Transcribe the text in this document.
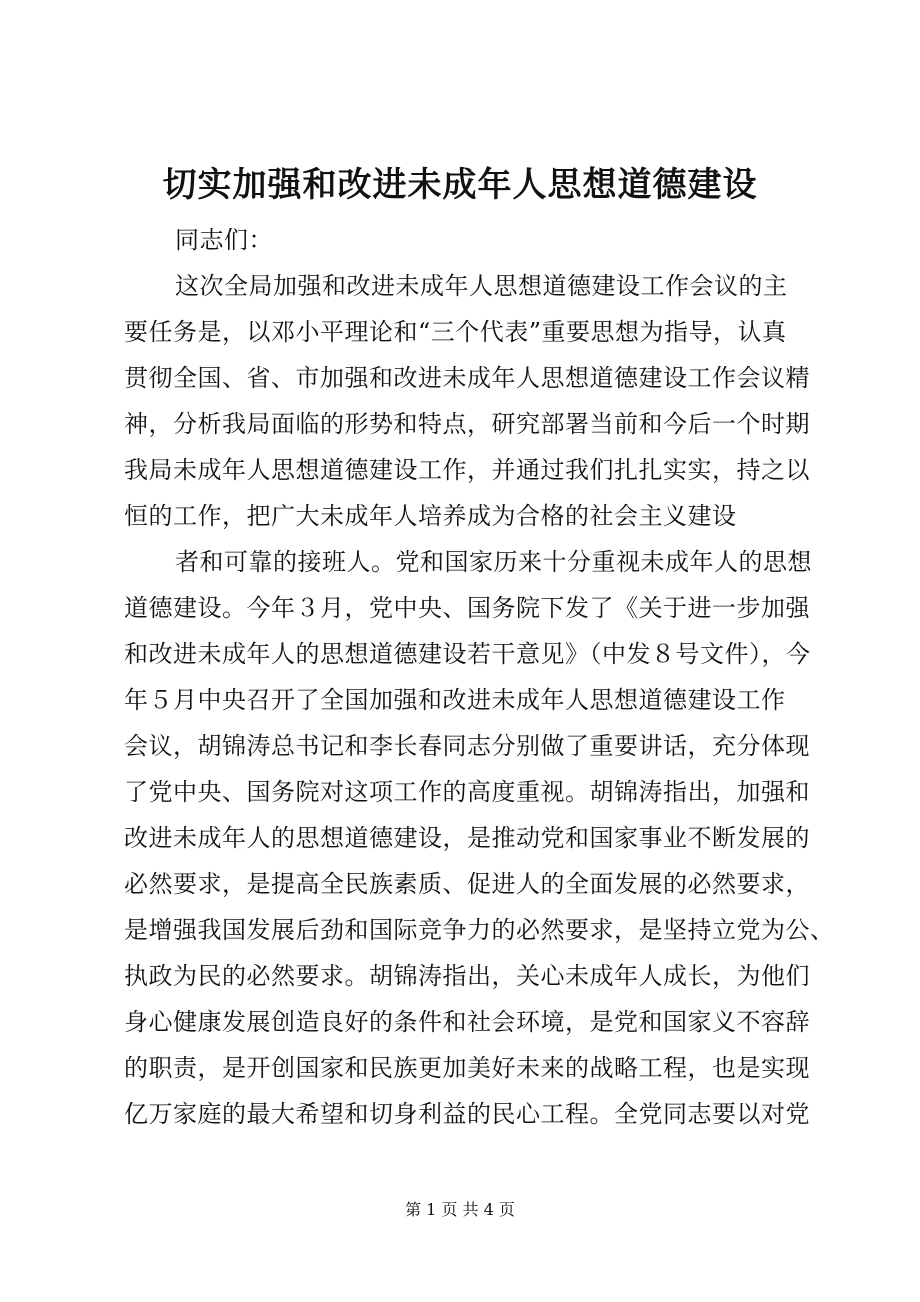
切实加强和改进未成年人思想道德建设
同志们：
这次全局加强和改进未成年人思想道德建设工作会议的主
要任务是，以邓小平理论和“三个代表”重要思想为指导，认真
贯彻全国、省、市加强和改进未成年人思想道德建设工作会议精
神，分析我局面临的形势和特点，研究部署当前和今后一个时期
我局未成年人思想道德建设工作，并通过我们扎扎实实，持之以
恒的工作，把广大未成年人培养成为合格的社会主义建设
者和可靠的接班人。党和国家历来十分重视未成年人的思想
道德建设。今年３月，党中央、国务院下发了《关于进一步加强
和改进未成年人的思想道德建设若干意见》（中发８号文件），今
年５月中央召开了全国加强和改进未成年人思想道德建设工作
会议，胡锦涛总书记和李长春同志分别做了重要讲话，充分体现
了党中央、国务院对这项工作的高度重视。胡锦涛指出，加强和
改进未成年人的思想道德建设，是推动党和国家事业不断发展的
必然要求，是提高全民族素质、促进人的全面发展的必然要求，
是增强我国发展后劲和国际竞争力的必然要求，是坚持立党为公、
执政为民的必然要求。胡锦涛指出，关心未成年人成长，为他们
身心健康发展创造良好的条件和社会环境，是党和国家义不容辞
的职责，是开创国家和民族更加美好未来的战略工程，也是实现
亿万家庭的最大希望和切身利益的民心工程。全党同志要以对党
第 1 页 共 4 页
